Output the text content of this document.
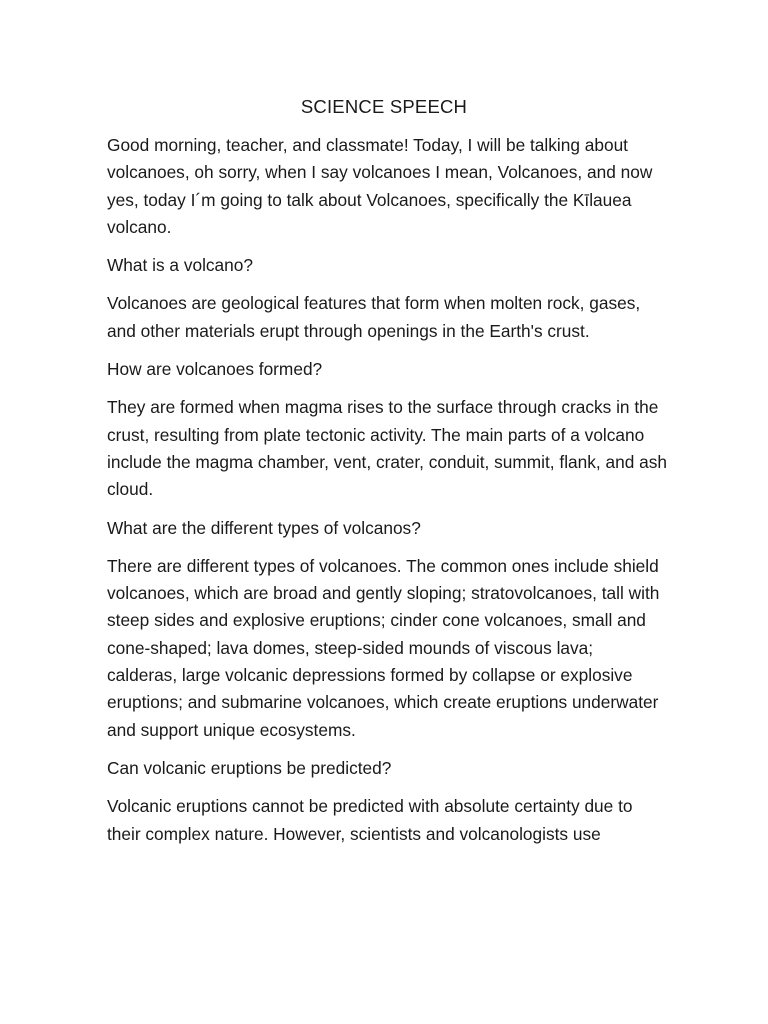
SCIENCE SPEECH

Good morning, teacher, and classmate! Today, I will be talking about volcanoes, oh sorry, when I say volcanoes I mean, Volcanoes, and now yes, today I´m going to talk about Volcanoes, specifically the Kīlauea volcano.

What is a volcano?

Volcanoes are geological features that form when molten rock, gases, and other materials erupt through openings in the Earth's crust.

How are volcanoes formed?

They are formed when magma rises to the surface through cracks in the crust, resulting from plate tectonic activity. The main parts of a volcano include the magma chamber, vent, crater, conduit, summit, flank, and ash cloud.

What are the different types of volcanos?

There are different types of volcanoes. The common ones include shield volcanoes, which are broad and gently sloping; stratovolcanoes, tall with steep sides and explosive eruptions; cinder cone volcanoes, small and cone-shaped; lava domes, steep-sided mounds of viscous lava; calderas, large volcanic depressions formed by collapse or explosive eruptions; and submarine volcanoes, which create eruptions underwater and support unique ecosystems.

Can volcanic eruptions be predicted?

Volcanic eruptions cannot be predicted with absolute certainty due to their complex nature. However, scientists and volcanologists use
